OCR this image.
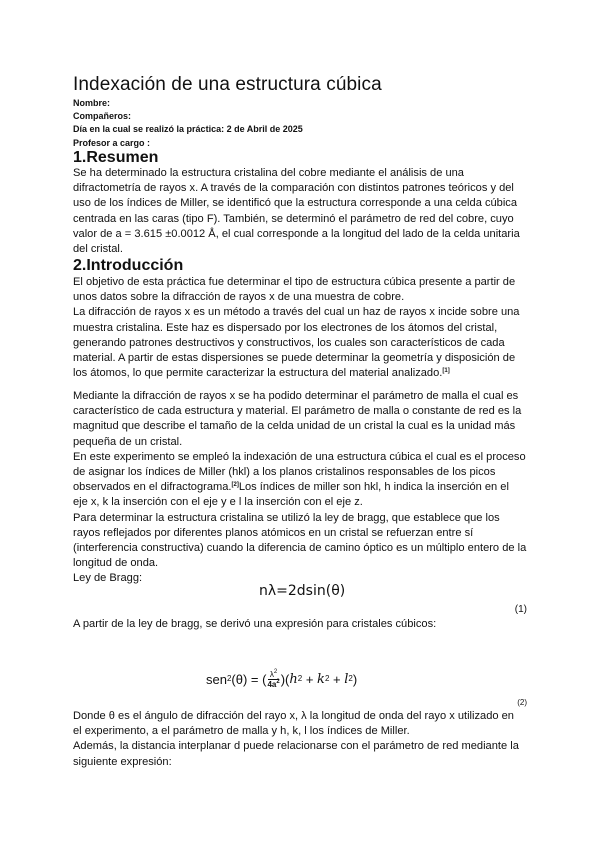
Indexación de una estructura cúbica
Nombre:
Compañeros:
Día en la cual se realizó la práctica: 2 de Abril de 2025
Profesor a cargo :
1.Resumen
Se ha determinado la estructura cristalina del cobre mediante el análisis de una
difractometría de rayos x. A través de la comparación con distintos patrones teóricos y del
uso de los índices de Miller, se identificó que la estructura corresponde a una celda cúbica
centrada en las caras (tipo F). También, se determinó el parámetro de red del cobre, cuyo
valor de a = 3.615 ±0.0012 Å, el cual corresponde a la longitud del lado de la celda unitaria
del cristal.
2.Introducción
El objetivo de esta práctica fue determinar el tipo de estructura cúbica presente a partir de
unos datos sobre la difracción de rayos x de una muestra de cobre.
La difracción de rayos x es un método a través del cual un haz de rayos x incide sobre una
muestra cristalina. Este haz es dispersado por los electrones de los átomos del cristal,
generando patrones destructivos y constructivos, los cuales son característicos de cada
material. A partir de estas dispersiones se puede determinar la geometría y disposición de
los átomos, lo que permite caracterizar la estructura del material analizado.[1]
Mediante la difracción de rayos x se ha podido determinar el parámetro de malla el cual es
característico de cada estructura y material. El parámetro de malla o constante de red es la
magnitud que describe el tamaño de la celda unidad de un cristal la cual es la unidad más
pequeña de un cristal.
En este experimento se empleó la indexación de una estructura cúbica el cual es el proceso
de asignar los índices de Miller (hkl) a los planos cristalinos responsables de los picos
observados en el difractograma.[2]Los índices de miller son hkl, h indica la inserción en el
eje x, k la inserción con el eje y e l la inserción con el eje z.
Para determinar la estructura cristalina se utilizó la ley de bragg, que establece que los
rayos reflejados por diferentes planos atómicos en un cristal se refuerzan entre sí
(interferencia constructiva) cuando la diferencia de camino óptico es un múltiplo entero de la
longitud de onda.
Ley de Bragg:
nλ=2dsin(θ)
(1)
A partir de la ley de bragg, se derivó una expresión para cristales cúbicos:
sen 2 (θ) = ( $\frac{\lambda^2}{4a^2}$ )( h 2 + k 2 + l 2 )
(2)
Donde θ es el ángulo de difracción del rayo x, λ la longitud de onda del rayo x utilizado en
el experimento, a el parámetro de malla y h, k, l los índices de Miller.
Además, la distancia interplanar d puede relacionarse con el parámetro de red mediante la
siguiente expresión:
